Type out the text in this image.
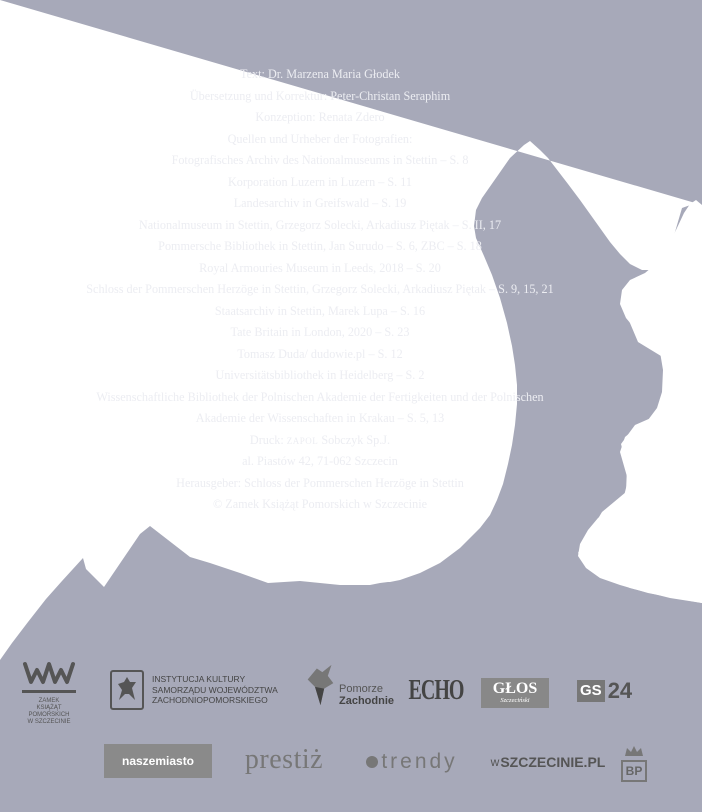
Text: Dr. Marzena Maria Głodek
Übersetzung und Korrektur: Peter-Christan Seraphim
Konzeption: Renata Zdero
Quellen und Urheber der Fotografien:
Fotografisches Archiv des Nationalmuseums in Stettin – S. 8
Korporation Luzern in Luzern – S. 11
Landesarchiv in Greifswald – S. 19
Nationalmuseum in Stettin, Grzegorz Solecki, Arkadiusz Piętak – S. II, 17
Pommersche Bibliothek in Stettin, Jan Surudo – S. 6, ZBC – S. 18
Royal Armouries Museum in Leeds, 2018 – S. 20
Schloss der Pommerschen Herzöge in Stettin, Grzegorz Solecki, Arkadiusz Piętak – S. 9, 15, 21
Staatsarchiv in Stettin, Marek Lupa – S. 16
Tate Britain in London, 2020 – S. 23
Tomasz Duda/ dudowie.pl – S. 12
Universitätsbibliothek in Heidelberg – S. 2
Wissenschaftliche Bibliothek der Polnischen Akademie der Fertigkeiten und der Polnischen
Akademie der Wissenschaften in Krakau – S. 5, 13
Druck: zapol Sobczyk Sp.J.
al. Piastów 42, 71-062 Szczecin
Herausgeber: Schloss der Pommerschen Herzöge in Stettin
© Zamek Książąt Pomorskich w Szczecinie
ZAMEK KSIĄŻĄT POMORSKICH W SZCZECINIE
INSTYTUCJA KULTURY
SAMORZĄDU WOJEWÓDZTWA
ZACHODNIOPOMORSKIEGO
Pomorze
Zachodnie ECHO GŁOS
Szczeciński
GS 24
naszemiasto prestiż	trendy	w SZCZECINIE.PL
BP
